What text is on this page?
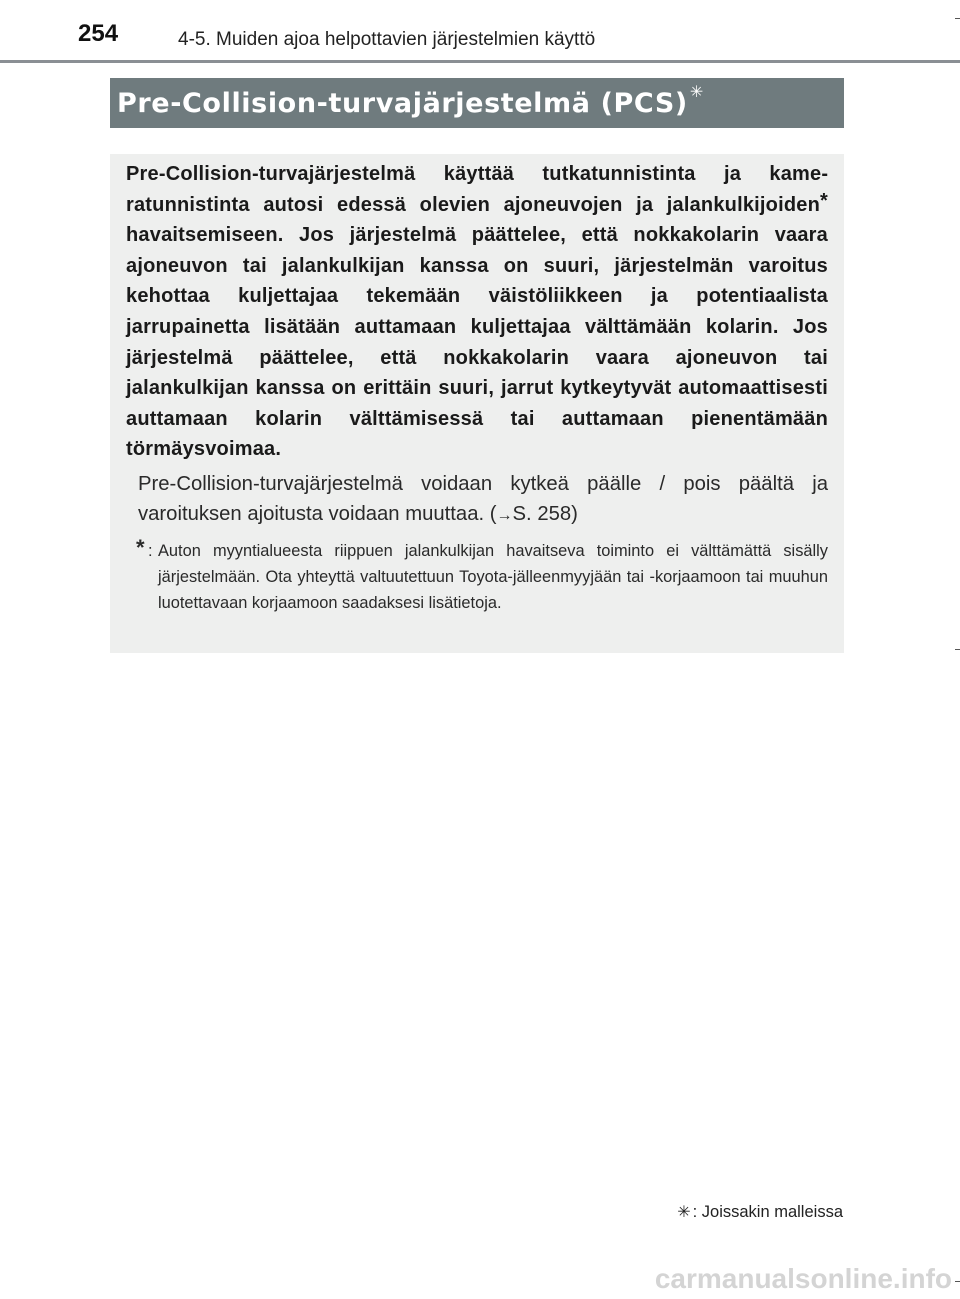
254	4-5. Muiden ajoa helpottavien järjestelmien käyttö
Pre-Collision-turvajärjestelmä (PCS) ✳

Pre-Collision-turvajärjestelmä käyttää tutkatunnistinta ja kameratunnistinta autosi edessä olevien ajoneuvojen ja jalankulkijoiden* havaitsemiseen. Jos järjestelmä päättelee, että nokkakolarin vaara ajoneuvon tai jalankulkijan kanssa on suuri, järjestelmän varoitus kehottaa kuljettajaa tekemään väistöliikkeen ja potentiaalista jarrupainetta lisätään auttamaan kuljettajaa välttämään kolarin. Jos järjestelmä päättelee, että nokkakolarin vaara ajoneuvon tai jalankulkijan kanssa on erittäin suuri, jarrut kytkeytyvät automaattisesti auttamaan kolarin välttämisessä tai auttamaan pienentämään törmäysvoimaa.

Pre-Collision-turvajärjestelmä voidaan kytkeä päälle / pois päältä ja varoituksen ajoitusta voidaan muuttaa. (→S. 258)

* : Auton myyntialueesta riippuen jalankulkijan havaitseva toiminto ei välttämättä sisälly järjestelmään. Ota yhteyttä valtuutettuun Toyota-jälleenmyyjään tai -korjaamoon tai muuhun luotettavaan korjaamoon saadaksesi lisätietoja.
✳ : Joissakin malleissa
carmanualsonline.info
